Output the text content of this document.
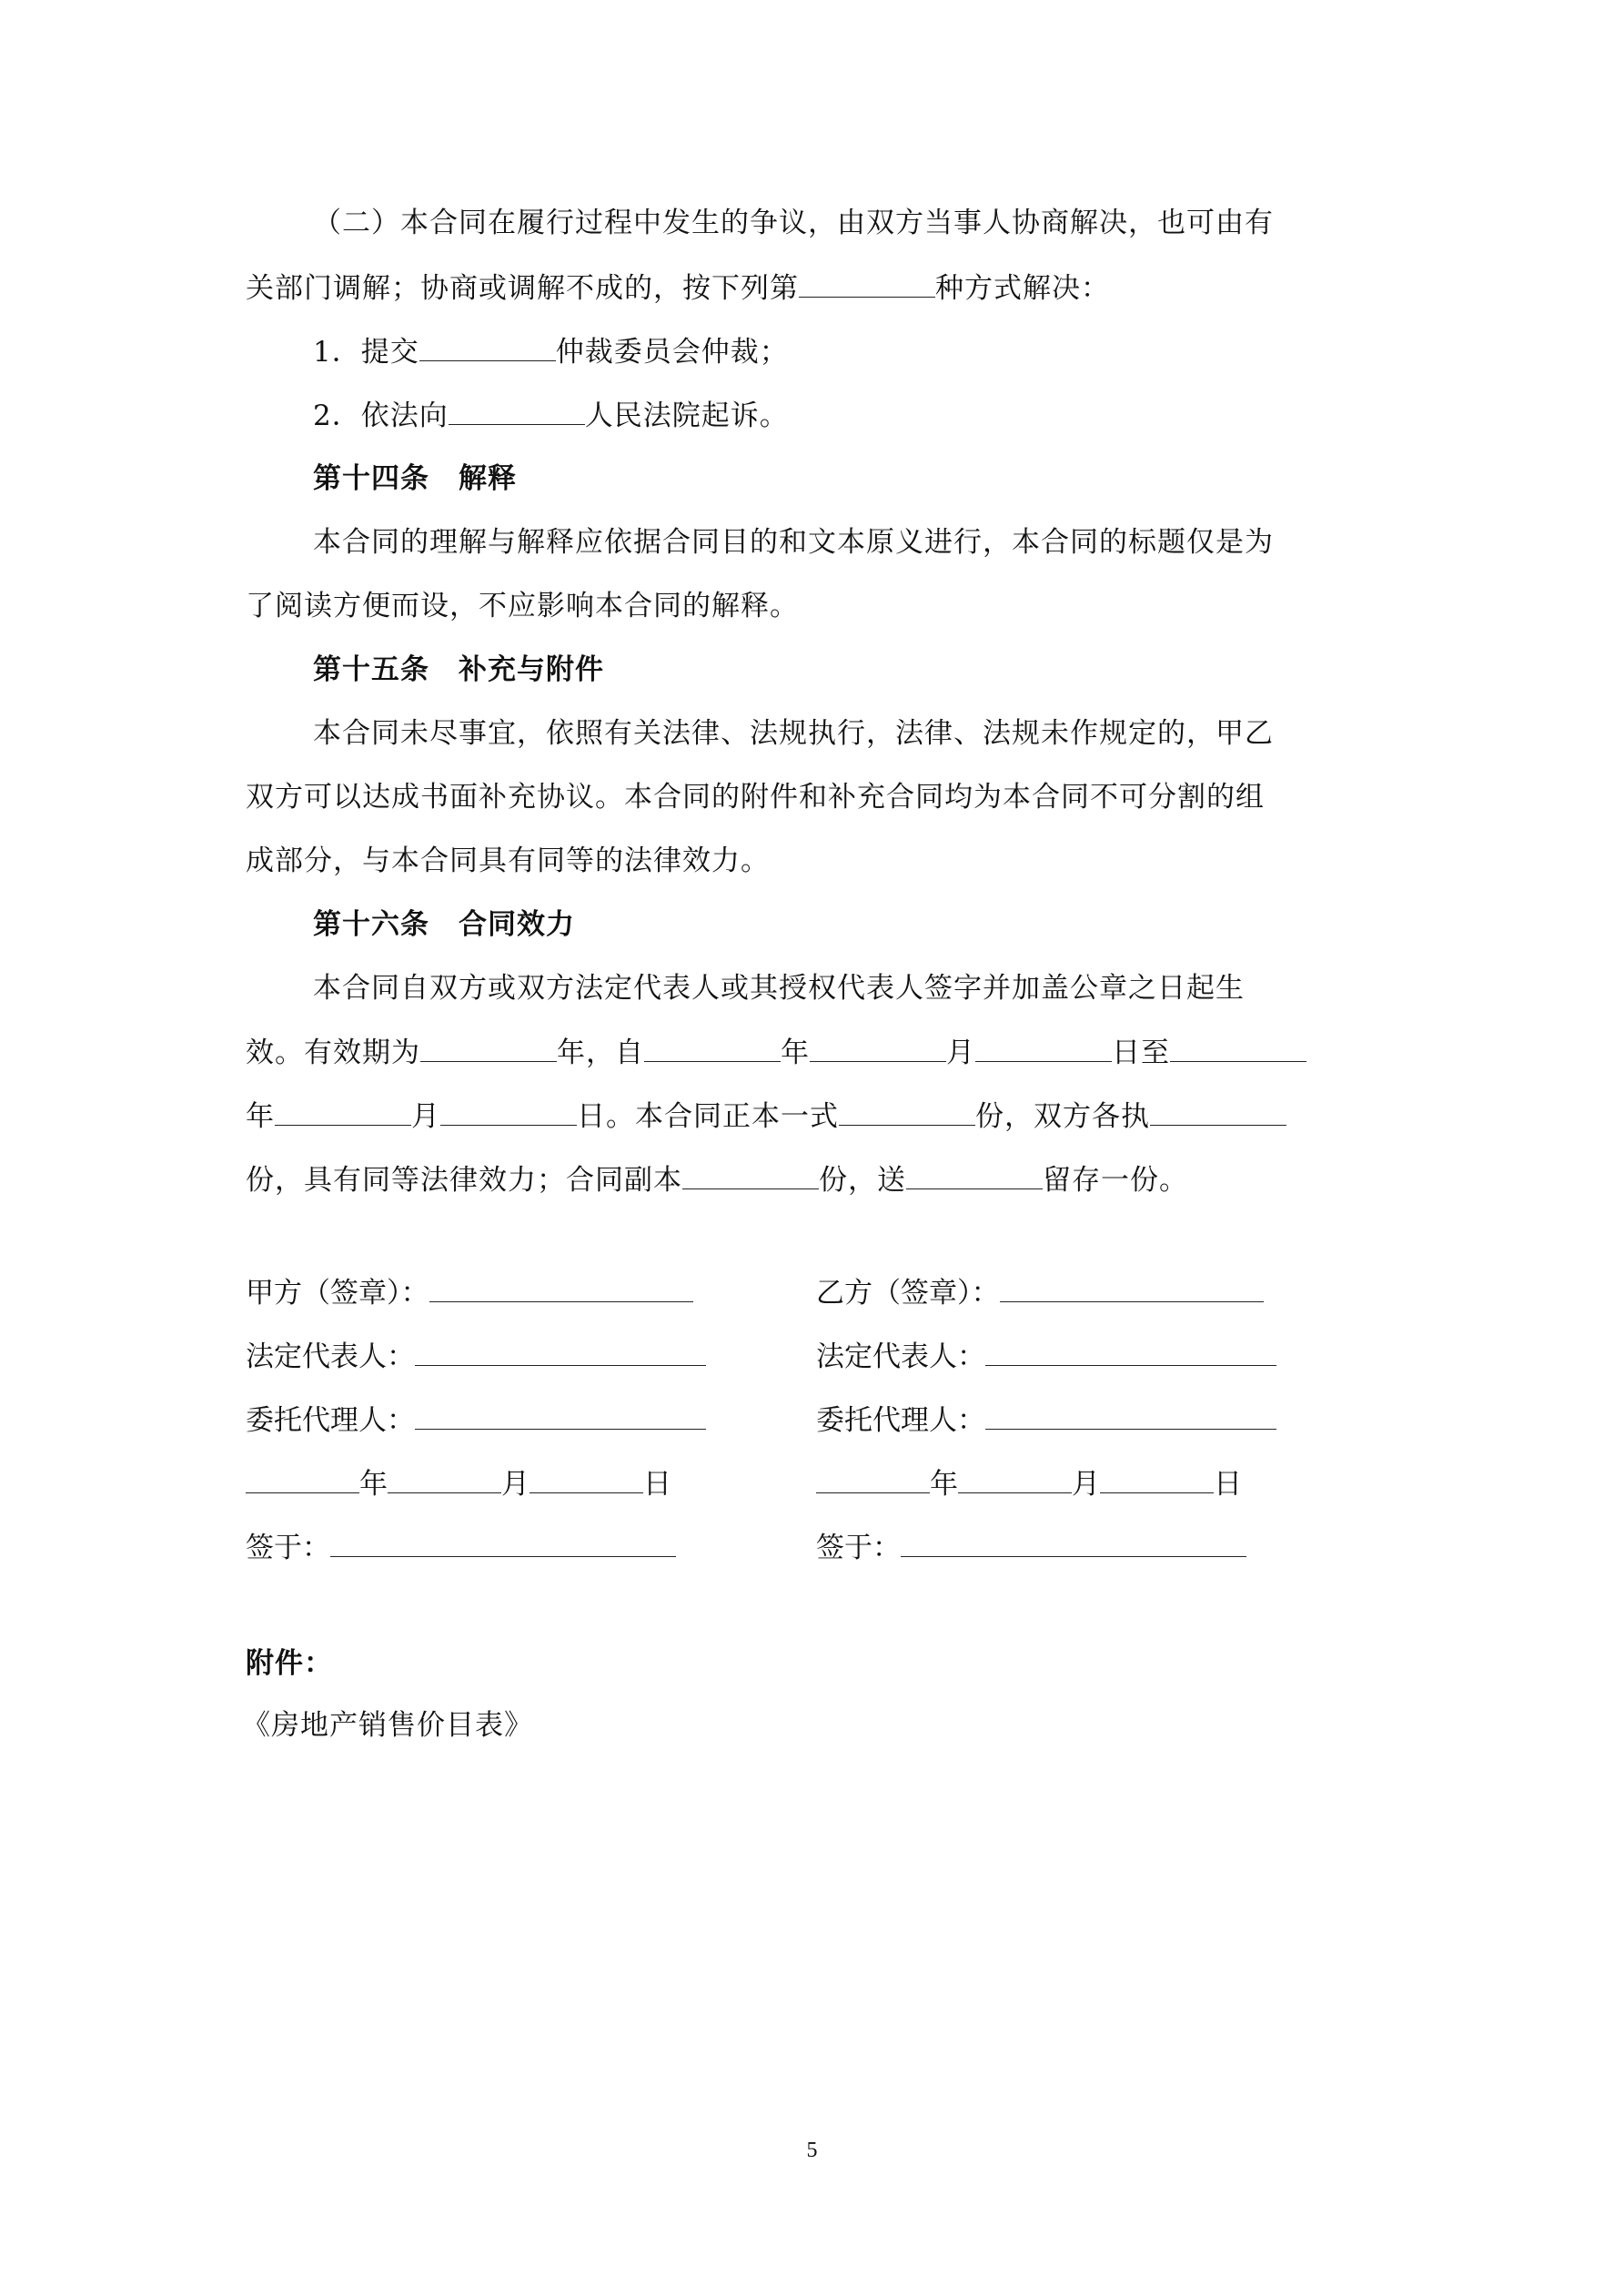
（二）本合同在履行过程中发生的争议，由双方当事人协商解决，也可由有
关部门调解；协商或调解不成的，按下列第	种方式解决：
1．提交	仲裁委员会仲裁；
2．依法向	人民法院起诉。
第十四条　解释
本合同的理解与解释应依据合同目的和文本原义进行，本合同的标题仅是为
了阅读方便而设，不应影响本合同的解释。
第十五条　补充与附件
本合同未尽事宜，依照有关法律、法规执行，法律、法规未作规定的，甲乙
双方可以达成书面补充协议。本合同的附件和补充合同均为本合同不可分割的组
成部分，与本合同具有同等的法律效力。
第十六条　合同效力
本合同自双方或双方法定代表人或其授权代表人签字并加盖公章之日起生
效。有效期为	年，自	年	月	日至
年	月	日。本合同正本一式	份，双方各执
份，具有同等法律效力；合同副本	份，送	留存一份。
甲方（签章）：
法定代表人：
委托代理人：
年	月	日
签于：
乙方（签章）：
法定代表人：
委托代理人：
年	月	日
签于：
附件：
《房地产销售价目表》
5
